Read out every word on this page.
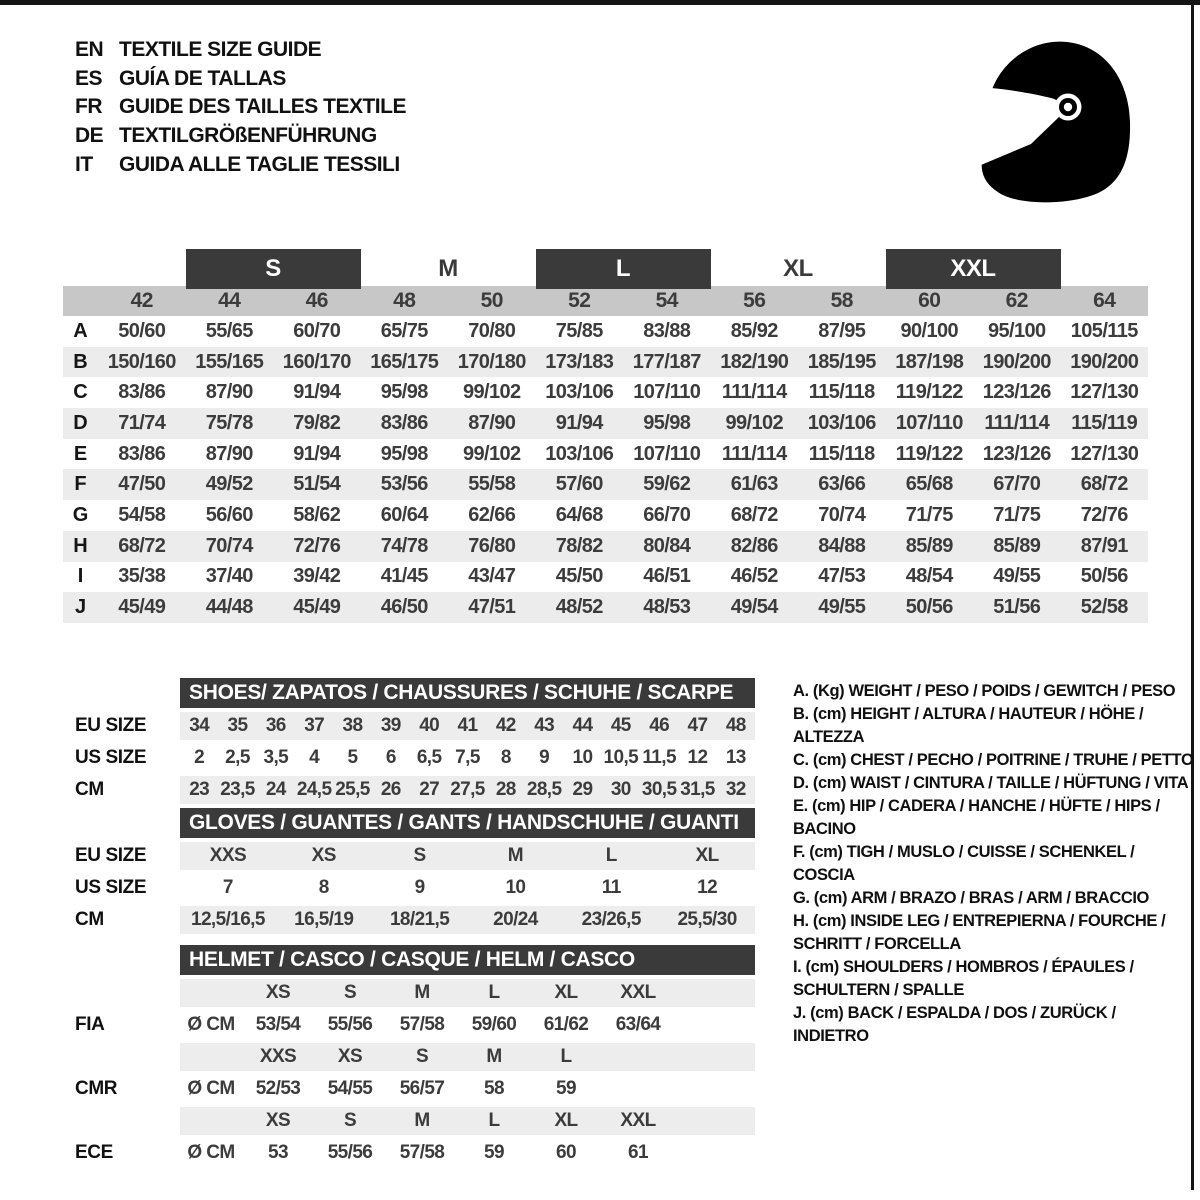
EN TEXTILE SIZE GUIDE
ES GUÍA DE TALLAS
FR GUIDE DES TAILLES TEXTILE
DE TEXTILGRÖßENFÜHRUNG
IT	GUIDA ALLE TAGLIE TESSILI
S	M	L	XL	XXL
42	44	46	48	50	52	54	56	58	60	62	64
A	50/60	55/65	60/70	65/75	70/80	75/85	83/88	85/92	87/95	90/100	95/100	105/115
B 150/160 155/165 160/170 165/175 170/180 173/183 177/187 182/190 185/195 187/198 190/200 190/200
C	83/86	87/90	91/94	95/98	99/102	103/106 107/110	111/114	115/118	119/122 123/126 127/130
D	71/74	75/78	79/82	83/86	87/90	91/94	95/98	99/102	103/106 107/110	111/114	115/119
E	83/86	87/90	91/94	95/98	99/102	103/106 107/110	111/114	115/118	119/122 123/126 127/130
F	47/50	49/52	51/54	53/56	55/58	57/60	59/62	61/63	63/66	65/68	67/70	68/72
G	54/58	56/60	58/62	60/64	62/66	64/68	66/70	68/72	70/74	71/75	71/75	72/76
H	68/72	70/74	72/76	74/78	76/80	78/82	80/84	82/86	84/88	85/89	85/89	87/91
I	35/38	37/40	39/42	41/45	43/47	45/50	46/51	46/52	47/53	48/54	49/55	50/56
J	45/49	44/48	45/49	46/50	47/51	48/52	48/53	49/54	49/55	50/56	51/56	52/58
SHOES/ ZAPATOS / CHAUSSURES / SCHUHE / SCARPE
EU SIZE	34 35 36 37 38 39 40 41 42 43 44 45 46 47 48
US SIZE	2	2,5 3,5	4	5	6	6,5 7,5	8	9	10 10,5 11,5 12 13
CM	23 23,5 24 24,5 25,5 26 27 27,5 28 28,5 29 30 30,5 31,5 32
GLOVES / GUANTES / GANTS / HANDSCHUHE / GUANTI
EU SIZE	XXS	XS	S	M	L	XL
US SIZE	7	8	9	10	11	12
CM	12,5/16,5	16,5/19	18/21,5	20/24	23/26,5	25,5/30
HELMET / CASCO / CASQUE / HELM / CASCO
XS	S	M	L	XL	XXL
FIA	Ø CM	53/54	55/56	57/58	59/60	61/62	63/64
XXS	XS	S	M	L
CMR	Ø CM	52/53	54/55	56/57	58	59
XS	S	M	L	XL	XXL
ECE	Ø CM	53	55/56	57/58	59	60	61
A. (Kg) WEIGHT / PESO / POIDS / GEWITCH / PESO
B. (cm) HEIGHT / ALTURA / HAUTEUR / HÖHE / ALTEZZA
C. (cm) CHEST / PECHO / POITRINE / TRUHE / PETTO
D. (cm) WAIST / CINTURA / TAILLE / HÜFTUNG / VITA
E. (cm) HIP / CADERA / HANCHE / HÜFTE / HIPS / BACINO
F. (cm) TIGH / MUSLO / CUISSE / SCHENKEL / COSCIA
G. (cm) ARM / BRAZO / BRAS / ARM / BRACCIO
H. (cm) INSIDE LEG / ENTREPIERNA / FOURCHE / SCHRITT / FORCELLA
I. (cm) SHOULDERS / HOMBROS / ÉPAULES / SCHULTERN / SPALLE
J. (cm) BACK / ESPALDA / DOS / ZURÜCK / INDIETRO
